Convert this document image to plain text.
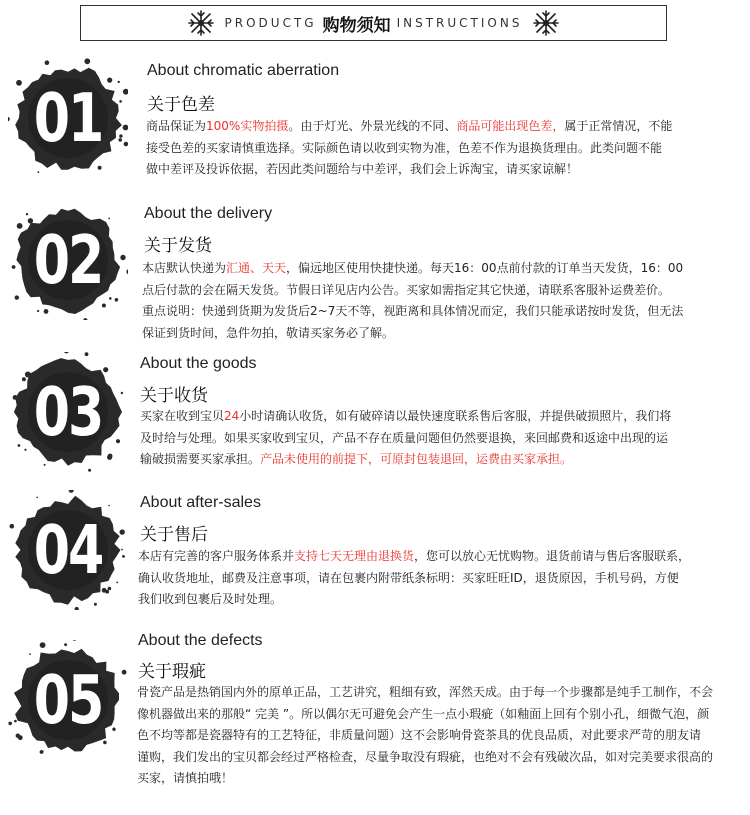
PRODUCTG 购物须知 INSTRUCTIONS
01
About chromatic aberration
关于色差
商品保证为100%实物拍摄。由于灯光、外景光线的不同、商品可能出现色差，属于正常情况，不能
接受色差的买家请慎重选择。实际颜色请以收到实物为准，色差不作为退换货理由。此类问题不能
做中差评及投诉依据，若因此类问题给与中差评，我们会上诉淘宝，请买家谅解！
02
About the delivery
关于发货
本店默认快递为汇通、天天，偏远地区使用快捷快递。每天16：00点前付款的订单当天发货，16：00
点后付款的会在隔天发货。节假日详见店内公告。买家如需指定其它快递，请联系客服补运费差价。
重点说明：快递到货期为发货后2~7天不等，视距离和具体情况而定，我们只能承诺按时发货，但无法
保证到货时间，急件勿拍，敬请买家务必了解。
03
About the goods
关于收货
买家在收到宝贝24小时请确认收货，如有破碎请以最快速度联系售后客服，并提供破损照片，我们将
及时给与处理。如果买家收到宝贝，产品不存在质量问题但仍然要退换，来回邮费和返途中出现的运
输破损需要买家承担。产品未使用的前提下，可原封包装退回，运费由买家承担。
04
About after-sales
关于售后
本店有完善的客户服务体系并支持七天无理由退换货，您可以放心无忧购物。退货前请与售后客服联系，
确认收货地址，邮费及注意事项，请在包裹内附带纸条标明：买家旺旺ID，退货原因，手机号码，方便
我们收到包裹后及时处理。
05
About the defects
关于瑕疵
骨瓷产品是热销国内外的原单正品，工艺讲究，粗细有致，浑然天成。由于每一个步骤都是纯手工制作，不会
像机器做出来的那般“ 完美 ”。所以偶尔无可避免会产生一点小瑕疵（如釉面上回有个别小孔，细微气泡，颜
色不均等都是瓷器特有的工艺特征，非质量问题）这不会影响骨瓷茶具的优良品质，对此要求严苛的朋友请
谨购，我们发出的宝贝都会经过严格检查，尽量争取没有瑕疵，也绝对不会有残破次品，如对完美要求很高的
买家，请慎拍哦！
